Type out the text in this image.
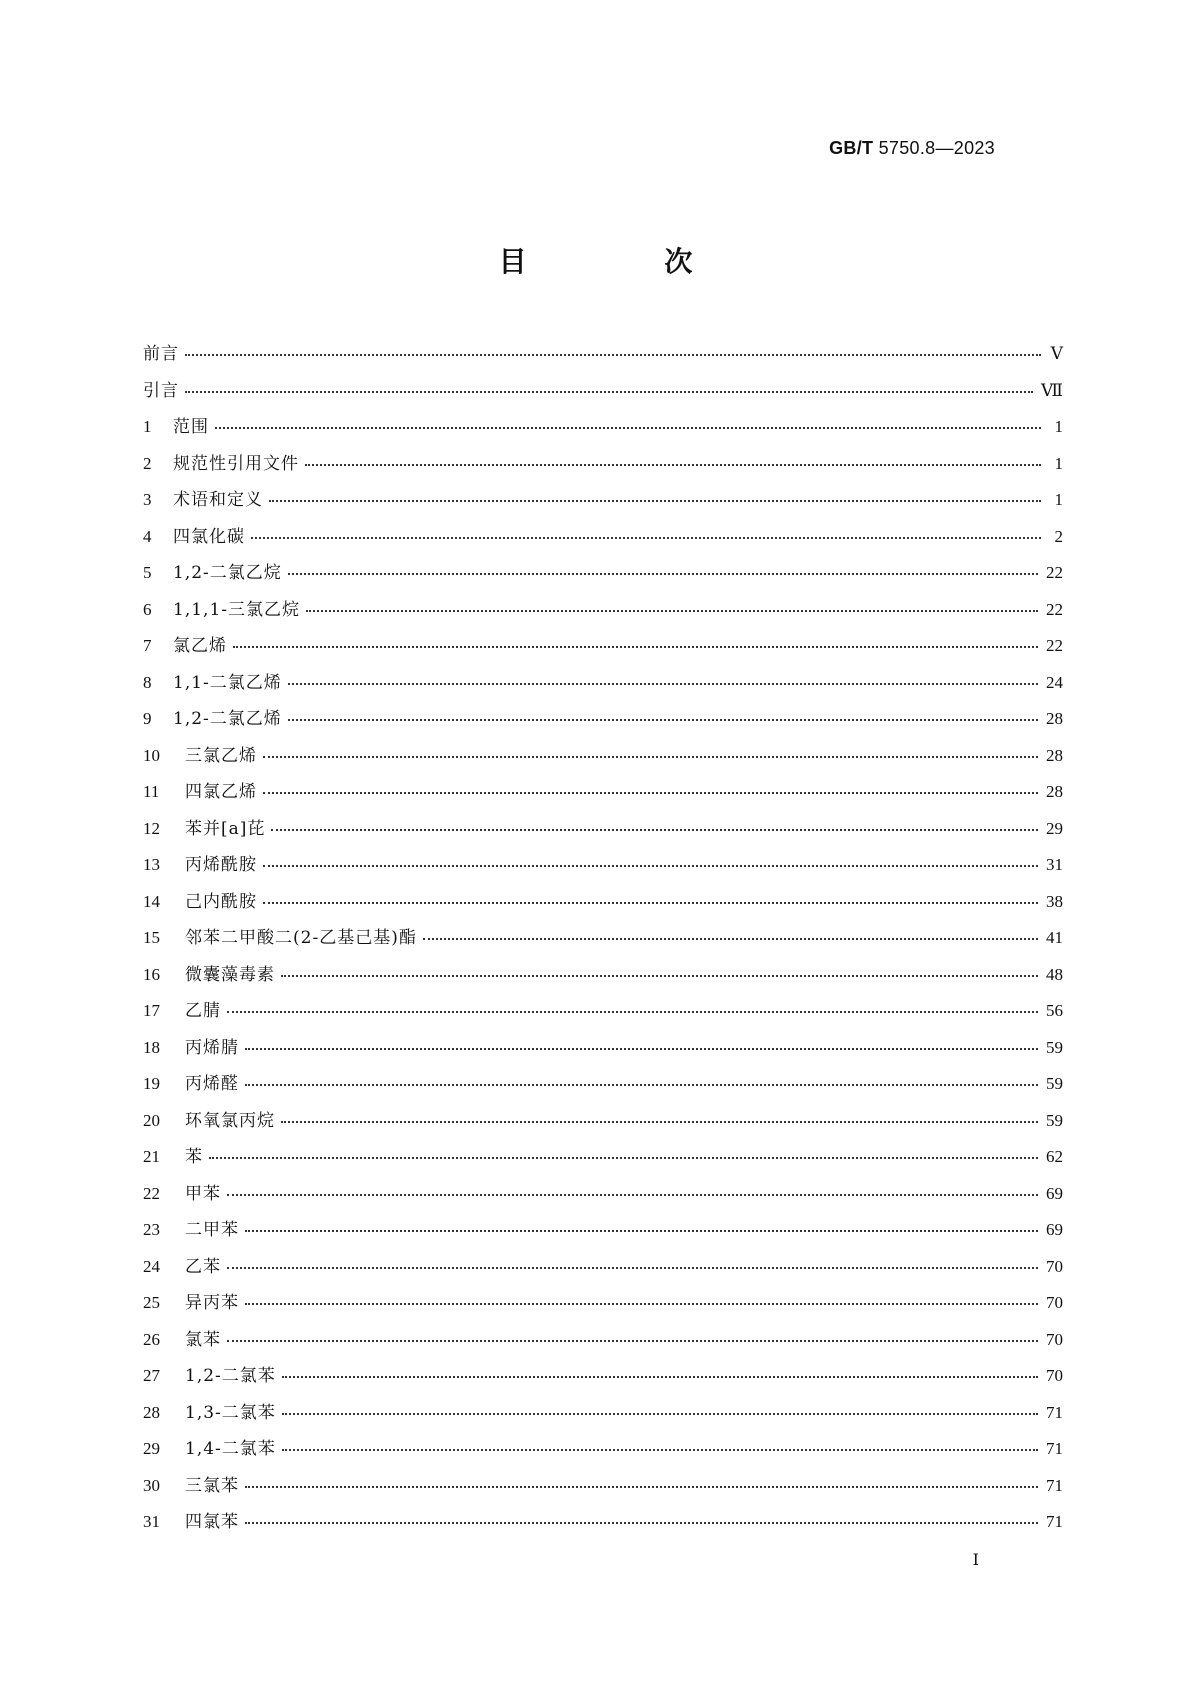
GB/T 5750.8—2023
目 次
前言	Ⅴ
引言	Ⅶ
1	范围	1
2	规范性引用文件	1
3	术语和定义	1
4	四氯化碳	2
5	1,2-二氯乙烷	22
6	1,1,1-三氯乙烷	22
7	氯乙烯	22
8	1,1-二氯乙烯	24
9	1,2-二氯乙烯	28
10	三氯乙烯	28
11	四氯乙烯	28
12	苯并[a]芘	29
13	丙烯酰胺	31
14	己内酰胺	38
15	邻苯二甲酸二(2-乙基己基)酯	41
16	微囊藻毒素	48
17	乙腈	56
18	丙烯腈	59
19	丙烯醛	59
20	环氧氯丙烷	59
21	苯	62
22	甲苯	69
23	二甲苯	69
24	乙苯	70
25	异丙苯	70
26	氯苯	70
27	1,2-二氯苯	70
28	1,3-二氯苯	71
29	1,4-二氯苯	71
30	三氯苯	71
31	四氯苯	71
Ⅰ
